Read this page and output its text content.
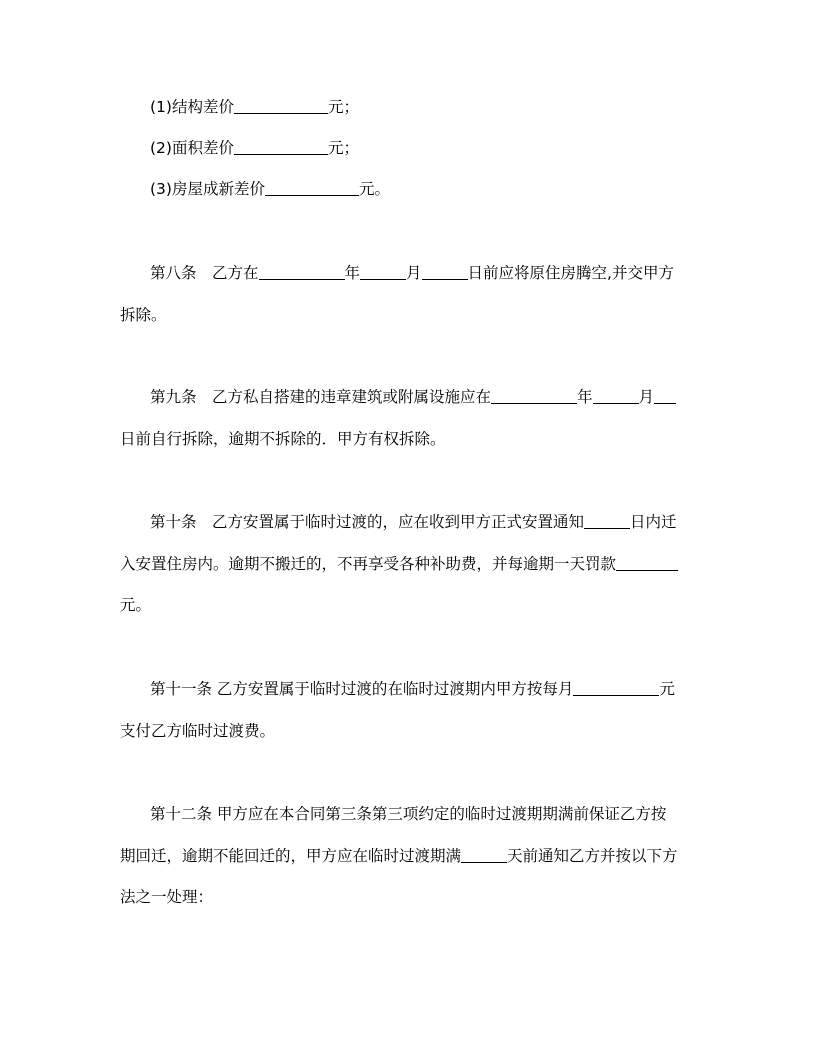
(1)结构差价	元；
(2)面积差价	元；
(3)房屋成新差价	元。
第八条　乙方在	年	月	日前应将原住房腾空,并交甲方
拆除。
第九条　乙方私自搭建的违章建筑或附属设施应在	年	月
日前自行拆除，逾期不拆除的．甲方有权拆除。
第十条　乙方安置属于临时过渡的，应在收到甲方正式安置通知	日内迁
入安置住房内。逾期不搬迁的，不再享受各种补助费，并每逾期一天罚款
元。
第十一条 乙方安置属于临时过渡的在临时过渡期内甲方按每月	元
支付乙方临时过渡费。
第十二条 甲方应在本合同第三条第三项约定的临时过渡期期满前保证乙方按
期回迁，逾期不能回迁的，甲方应在临时过渡期满	天前通知乙方并按以下方
法之一处理：
